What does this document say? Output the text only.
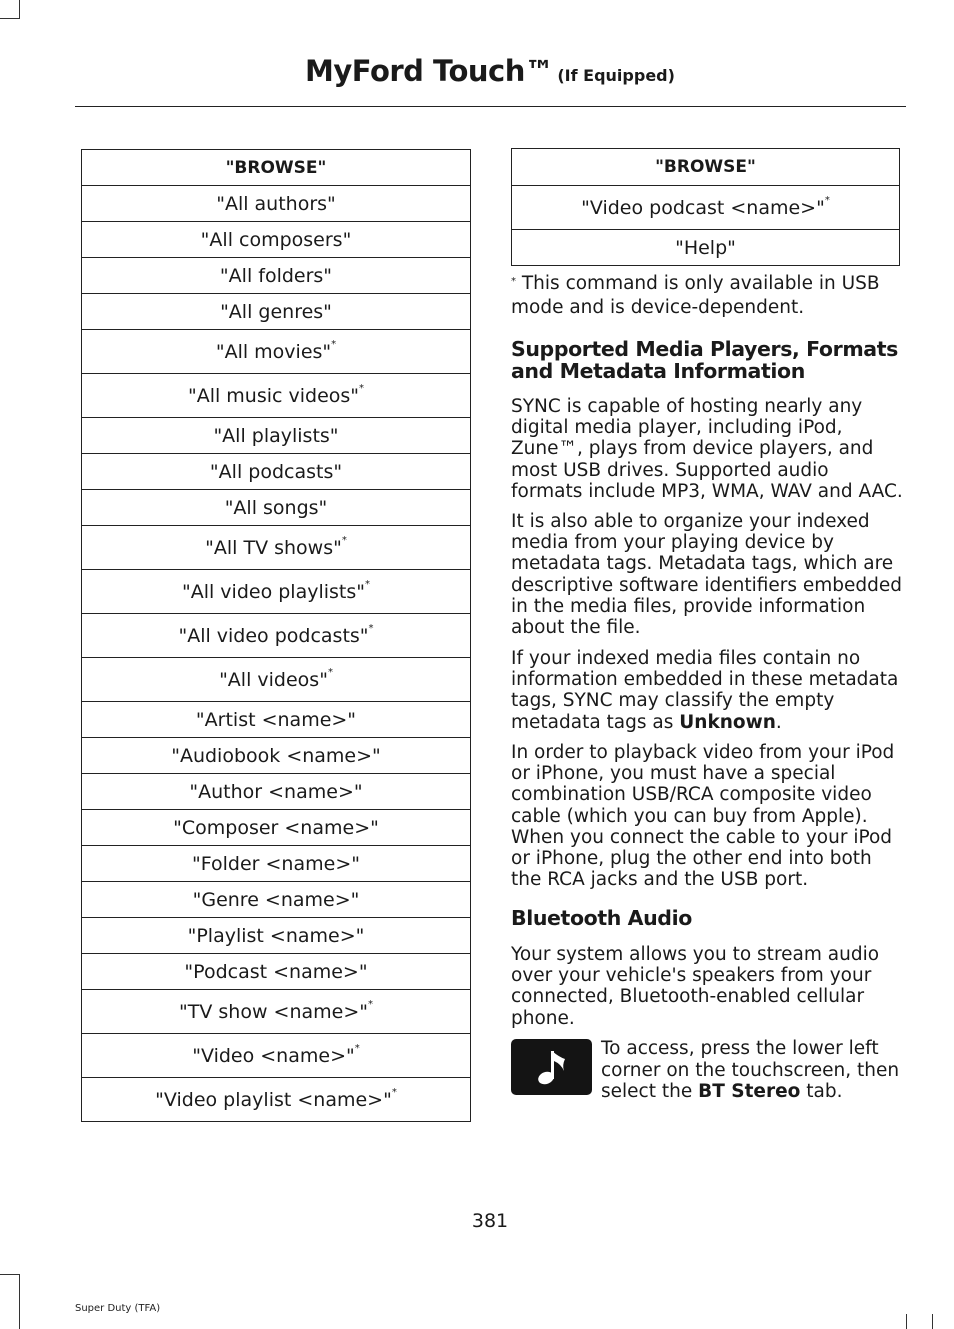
MyFord Touch™ (If Equipped)
"BROWSE"
"All authors"
"All composers"
"All folders"
"All genres"
"All movies"*
"All music videos"*
"All playlists"
"All podcasts"
"All songs"
"All TV shows"*
"All video playlists"*
"All video podcasts"*
"All videos"*
"Artist <name>"
"Audiobook <name>"
"Author <name>"
"Composer <name>"
"Folder <name>"
"Genre <name>"
"Playlist <name>"
"Podcast <name>"
"TV show <name>"*
"Video <name>"*
"Video playlist <name>"*
"BROWSE"
"Video podcast <name>"*
"Help"

* This command is only available in USB mode and is device-dependent.

Supported Media Players, Formats and Metadata Information

SYNC is capable of hosting nearly any digital media player, including iPod, Zune™, plays from device players, and most USB drives. Supported audio formats include MP3, WMA, WAV and AAC.

It is also able to organize your indexed media from your playing device by metadata tags. Metadata tags, which are descriptive software identifiers embedded in the media files, provide information about the file.

If your indexed media files contain no information embedded in these metadata tags, SYNC may classify the empty metadata tags as Unknown.

In order to playback video from your iPod or iPhone, you must have a special combination USB/RCA composite video cable (which you can buy from Apple). When you connect the cable to your iPod or iPhone, plug the other end into both the RCA jacks and the USB port.

Bluetooth Audio

Your system allows you to stream audio over your vehicle's speakers from your connected, Bluetooth-enabled cellular phone.

To access, press the lower left corner on the touchscreen, then select the BT Stereo tab.
381
Super Duty (TFA)
